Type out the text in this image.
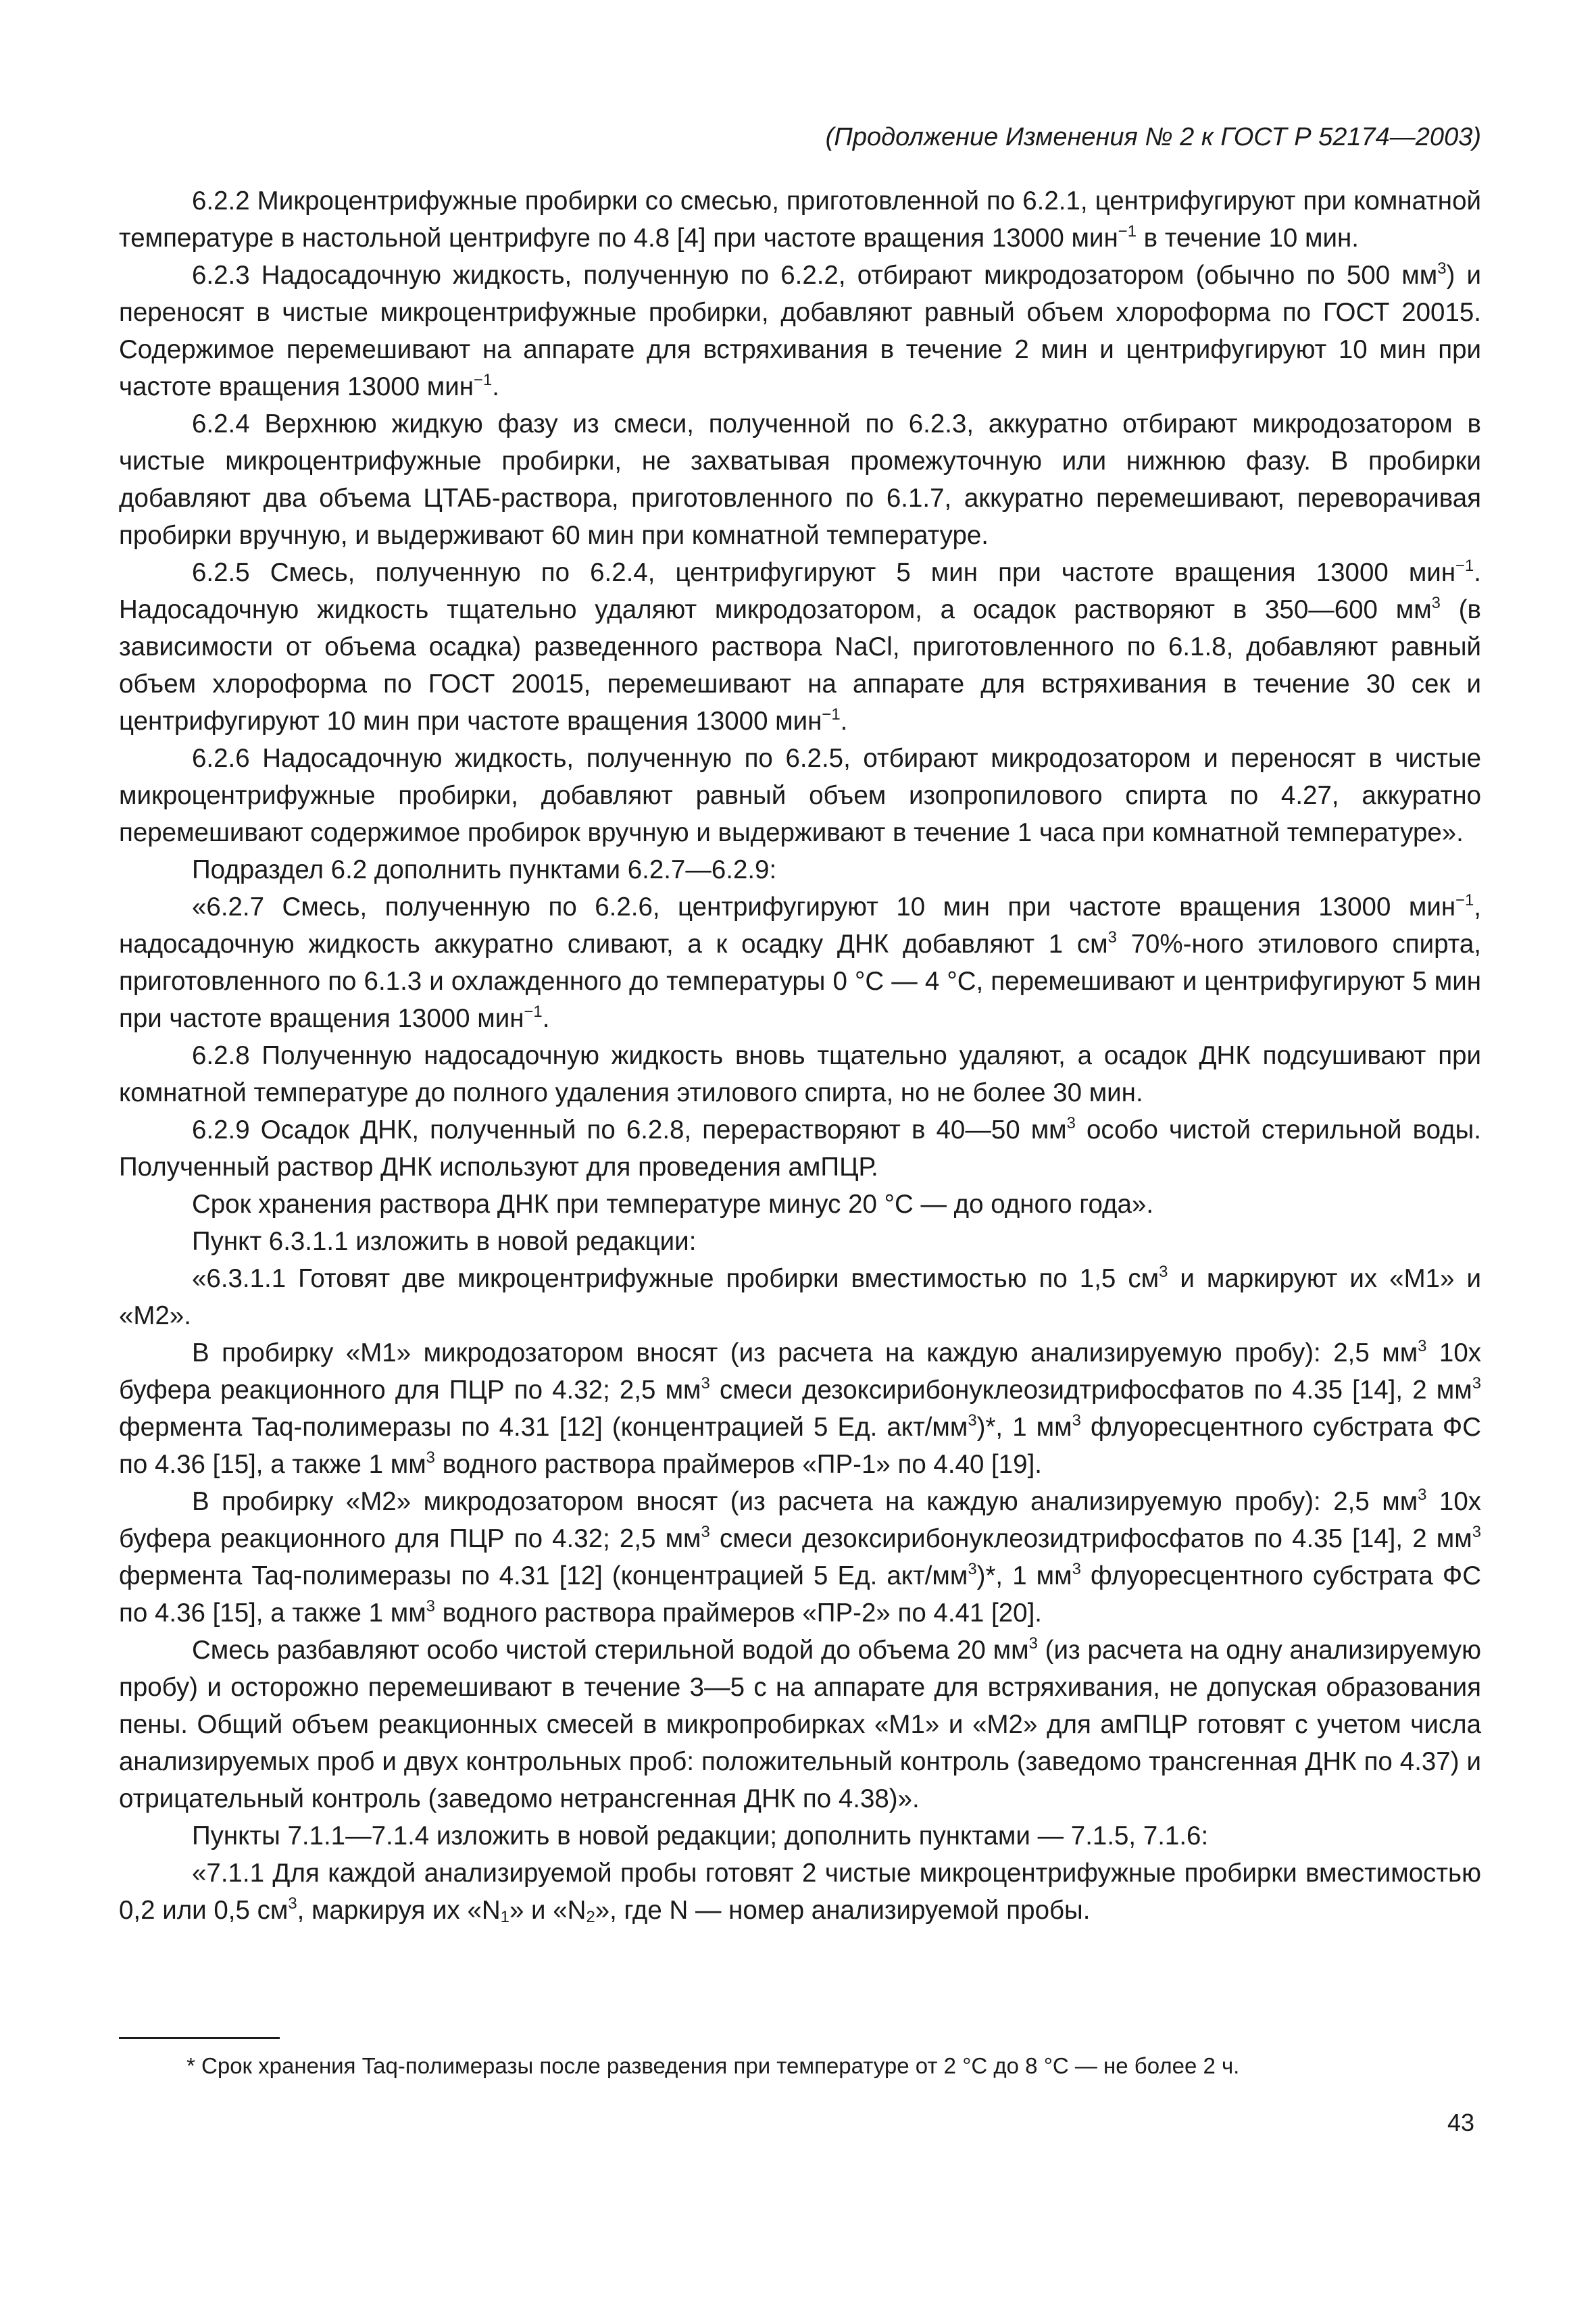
(Продолжение Изменения № 2 к ГОСТ Р 52174—2003)

6.2.2 Микроцентрифужные пробирки со смесью, приготовленной по 6.2.1, центрифугируют при комнатной температуре в настольной центрифуге по 4.8 [4] при частоте вращения 13000 мин$^{-1}$ в течение 10 мин.

6.2.3 Надосадочную жидкость, полученную по 6.2.2, отбирают микродозатором (обычно по 500 $мм^3$) и переносят в чистые микроцентрифужные пробирки, добавляют равный объем хлороформа по ГОСТ 20015. Содержимое перемешивают на аппарате для встряхивания в течение 2 мин и центрифугируют 10 мин при частоте вращения 13000 мин$^{-1}$.

6.2.4 Верхнюю жидкую фазу из смеси, полученной по 6.2.3, аккуратно отбирают микродозатором в чистые микроцентрифужные пробирки, не захватывая промежуточную или нижнюю фазу. В пробирки добавляют два объема ЦТАБ-раствора, приготовленного по 6.1.7, аккуратно перемешивают, переворачивая пробирки вручную, и выдерживают 60 мин при комнатной температуре.

6.2.5 Смесь, полученную по 6.2.4, центрифугируют 5 мин при частоте вращения 13000 мин$^{-1}$. Надосадочную жидкость тщательно удаляют микродозатором, а осадок растворяют в 350—600 $мм^3$ (в зависимости от объема осадка) разведенного раствора NaCl, приготовленного по 6.1.8, добавляют равный объем хлороформа по ГОСТ 20015, перемешивают на аппарате для встряхивания в течение 30 сек и центрифугируют 10 мин при частоте вращения 13000 мин$^{-1}$.

6.2.6 Надосадочную жидкость, полученную по 6.2.5, отбирают микродозатором и переносят в чистые микроцентрифужные пробирки, добавляют равный объем изопропилового спирта по 4.27, аккуратно перемешивают содержимое пробирок вручную и выдерживают в течение 1 часа при комнатной температуре».

Подраздел 6.2 дополнить пунктами 6.2.7—6.2.9:

«6.2.7 Смесь, полученную по 6.2.6, центрифугируют 10 мин при частоте вращения 13000 мин$^{-1}$, надосадочную жидкость аккуратно сливают, а к осадку ДНК добавляют 1 $см^3$ 70%-ного этилового спирта, приготовленного по 6.1.3 и охлажденного до температуры 0 °С — 4 °С, перемешивают и центрифугируют 5 мин при частоте вращения 13000 мин$^{-1}$.

6.2.8 Полученную надосадочную жидкость вновь тщательно удаляют, а осадок ДНК подсушивают при комнатной температуре до полного удаления этилового спирта, но не более 30 мин.

6.2.9 Осадок ДНК, полученный по 6.2.8, перерастворяют в 40—50 $мм^3$ особо чистой стерильной воды. Полученный раствор ДНК используют для проведения амПЦР.

Срок хранения раствора ДНК при температуре минус 20 °С — до одного года».

Пункт 6.3.1.1 изложить в новой редакции:

«6.3.1.1 Готовят две микроцентрифужные пробирки вместимостью по 1,5 $см^3$ и маркируют их «М1» и «М2».

В пробирку «М1» микродозатором вносят (из расчета на каждую анализируемую пробу): 2,5 $мм^3$ 10х буфера реакционного для ПЦР по 4.32; 2,5 $мм^3$ смеси дезоксирибонуклеозидтрифосфатов по 4.35 [14], 2 $мм^3$ фермента Taq-полимеразы по 4.31 [12] (концентрацией 5 Ед. акт/$мм^3)*$, 1 $мм^3$ флуоресцентного субстрата ФС по 4.36 [15], а также 1 $мм^3$ водного раствора праймеров «ПР-1» по 4.40 [19].

В пробирку «М2» микродозатором вносят (из расчета на каждую анализируемую пробу): 2,5 $мм^3$ 10х буфера реакционного для ПЦР по 4.32; 2,5 $мм^3$ смеси дезоксирибонуклеозидтрифосфатов по 4.35 [14], 2 $мм^3$ фермента Taq-полимеразы по 4.31 [12] (концентрацией 5 Ед. акт/$мм^3)*$, 1 $мм^3$ флуоресцентного субстрата ФС по 4.36 [15], а также 1 $мм^3$ водного раствора праймеров «ПР-2» по 4.41 [20].

Смесь разбавляют особо чистой стерильной водой до объема 20 $мм^3$ (из расчета на одну анализируемую пробу) и осторожно перемешивают в течение 3—5 с на аппарате для встряхивания, не допуская образования пены. Общий объем реакционных смесей в микропробирках «М1» и «М2» для амПЦР готовят с учетом числа анализируемых проб и двух контрольных проб: положительный контроль (заведомо трансгенная ДНК по 4.37) и отрицательный контроль (заведомо нетрансгенная ДНК по 4.38)».

Пункты 7.1.1—7.1.4 изложить в новой редакции; дополнить пунктами — 7.1.5, 7.1.6:

«7.1.1 Для каждой анализируемой пробы готовят 2 чистые микроцентрифужные пробирки вместимостью 0,2 или 0,5 $см^3$, маркируя их «$N_1$» и «$N_2$», где N — номер анализируемой пробы.

* Срок хранения Taq-полимеразы после разведения при температуре от 2 °С до 8 °С — не более 2 ч.
43
